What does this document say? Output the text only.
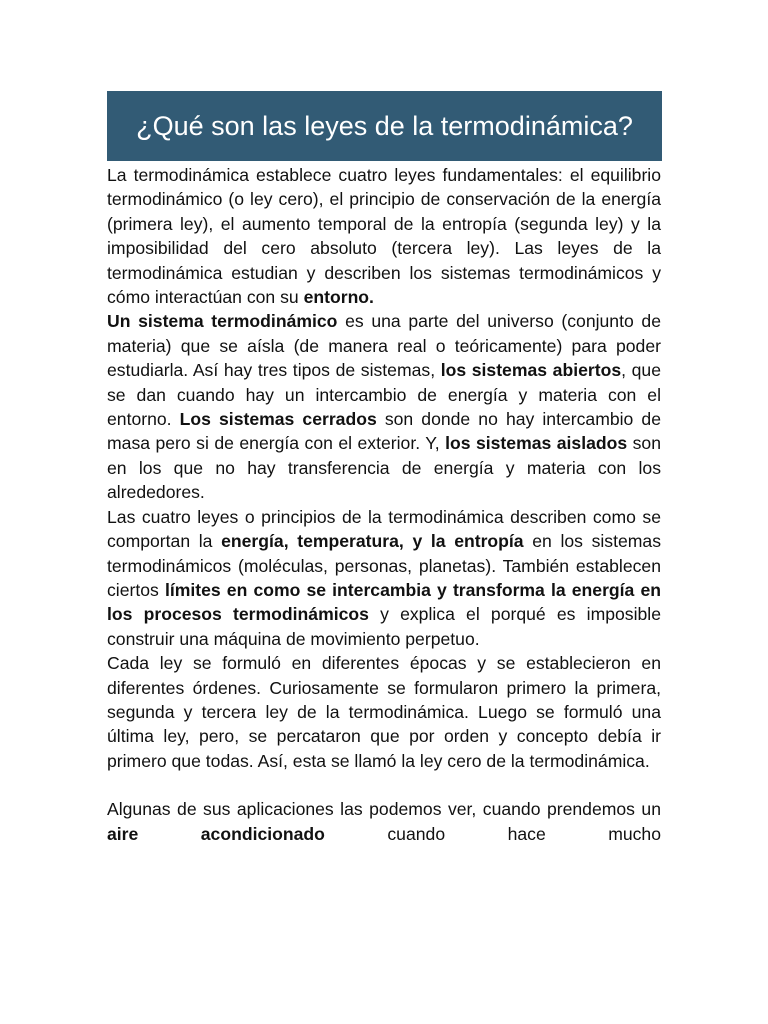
¿Qué son las leyes de la termodinámica?

La termodinámica establece cuatro leyes fundamentales: el equilibrio termodinámico (o ley cero), el principio de conservación de la energía (primera ley), el aumento temporal de la entropía (segunda ley) y la imposibilidad del cero absoluto (tercera ley). Las leyes de la termodinámica estudian y describen los sistemas termodinámicos y cómo interactúan con su entorno.

Un sistema termodinámico es una parte del universo (conjunto de materia) que se aísla (de manera real o teóricamente) para poder estudiarla. Así hay tres tipos de sistemas, los sistemas abiertos, que se dan cuando hay un intercambio de energía y materia con el entorno. Los sistemas cerrados son donde no hay intercambio de masa pero si de energía con el exterior. Y, los sistemas aislados son en los que no hay transferencia de energía y materia con los alrededores.

Las cuatro leyes o principios de la termodinámica describen como se comportan la energía, temperatura, y la entropía en los sistemas termodinámicos (moléculas, personas, planetas). También establecen ciertos límites en como se intercambia y transforma la energía en los procesos termodinámicos y explica el porqué es imposible construir una máquina de movimiento perpetuo.

Cada ley se formuló en diferentes épocas y se establecieron en diferentes órdenes. Curiosamente se formularon primero la primera, segunda y tercera ley de la termodinámica. Luego se formuló una última ley, pero, se percataron que por orden y concepto debía ir primero que todas. Así, esta se llamó la ley cero de la termodinámica.

Algunas de sus aplicaciones las podemos ver, cuando prendemos un aire acondicionado cuando hace mucho
